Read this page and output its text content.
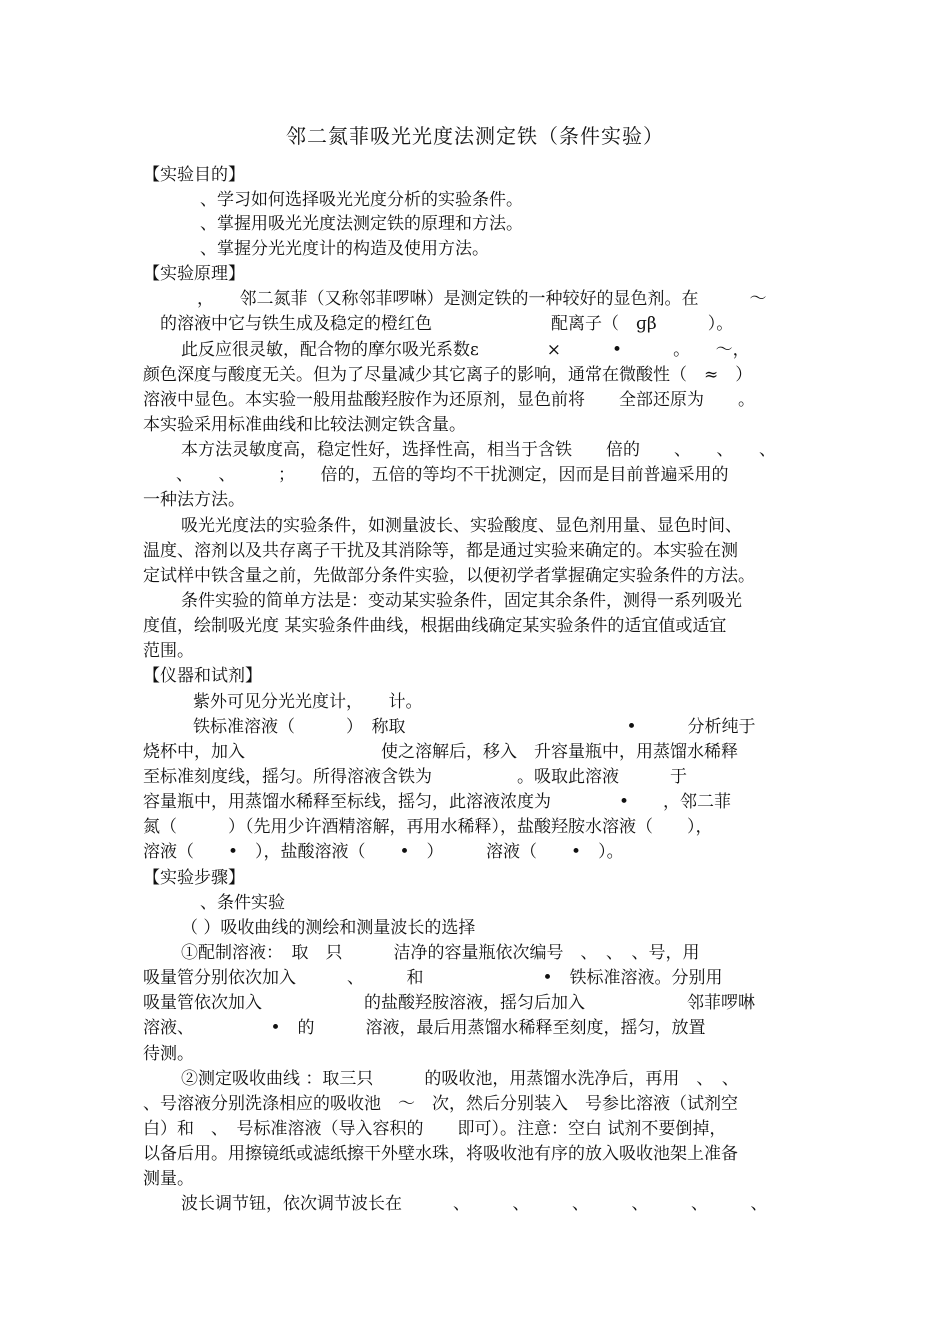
邻二氮菲吸光光度法测定铁（条件实验）
【实验目的】
、学习如何选择吸光光度分析的实验条件。
、掌握用吸光光度法测定铁的原理和方法。
、掌握分光光度计的构造及使用方法。
【实验原理】
，　　邻二氮菲（又称邻菲啰啉）是测定铁的一种较好的显色剂。在　　　～
的溶液中它与铁生成及稳定的橙红色　　　　　　　配离子（　ɡβ　　　）。
此反应很灵敏，配合物的摩尔吸光系数ε　　　　×　　　•　　　。　　～，
颜色深度与酸度无关。但为了尽量减少其它离子的影响，通常在微酸性（　≈　）
溶液中显色。本实验一般用盐酸羟胺作为还原剂，显色前将　　全部还原为　　。
本实验采用标准曲线和比较法测定铁含量。
本方法灵敏度高，稳定性好，选择性高，相当于含铁　　倍的　　、　　、　　、
、　　、　　　；　　倍的，五倍的等均不干扰测定，因而是目前普遍采用的
一种法方法。
吸光光度法的实验条件，如测量波长、实验酸度、显色剂用量、显色时间、
温度、溶剂以及共存离子干扰及其消除等，都是通过实验来确定的。本实验在测
定试样中铁含量之前，先做部分条件实验，以便初学者掌握确定实验条件的方法。
条件实验的简单方法是：变动某实验条件，固定其余条件，测得一系列吸光
度值，绘制吸光度 某实验条件曲线，根据曲线确定某实验条件的适宜值或适宜
范围。
【仪器和试剂】
紫外可见分光光度计，　　计。
铁标准溶液（　　　）　称取　　　　　　　　　　　　　•　　　分析纯于
烧杯中，加入　　　　　　　　使之溶解后，移入　升容量瓶中，用蒸馏水稀释
至标准刻度线，摇匀。所得溶液含铁为　　　　　。吸取此溶液　　　于
容量瓶中，用蒸馏水稀释至标线，摇匀，此溶液浓度为　　　　•　　，邻二菲
氮（　　　）（先用少许酒精溶解，再用水稀释），盐酸羟胺水溶液（　　），
溶液（　　•　），盐酸溶液（　　•　）　　　溶液（　　•　）。
【实验步骤】
、条件实验
（ ）吸收曲线的测绘和测量波长的选择
①配制溶液：　取　只　　　洁净的容量瓶依次编号　、　、　、号，用
吸量管分别依次加入　　　、　　　和　　　　　　　•　铁标准溶液。分别用
吸量管依次加入　　　　　　的盐酸羟胺溶液，摇匀后加入　　　　　　邻菲啰啉
溶液、　　　　　•　的　　　溶液，最后用蒸馏水稀释至刻度，摇匀，放置
待测。
②测定吸收曲线 ：取三只　　　的吸收池，用蒸馏水洗净后，再用　、　、
、号溶液分别洗涤相应的吸收池　～　次，然后分别装入　号参比溶液（试剂空
白）和　、　号标准溶液（导入容积的　　即可）。注意：空白 试剂不要倒掉，
以备后用。用擦镜纸或滤纸擦干外壁水珠，将吸收池有序的放入吸收池架上准备
测量。
波长调节钮，依次调节波长在　　　、　　　、　　　、　　　、　　　、　　　、
